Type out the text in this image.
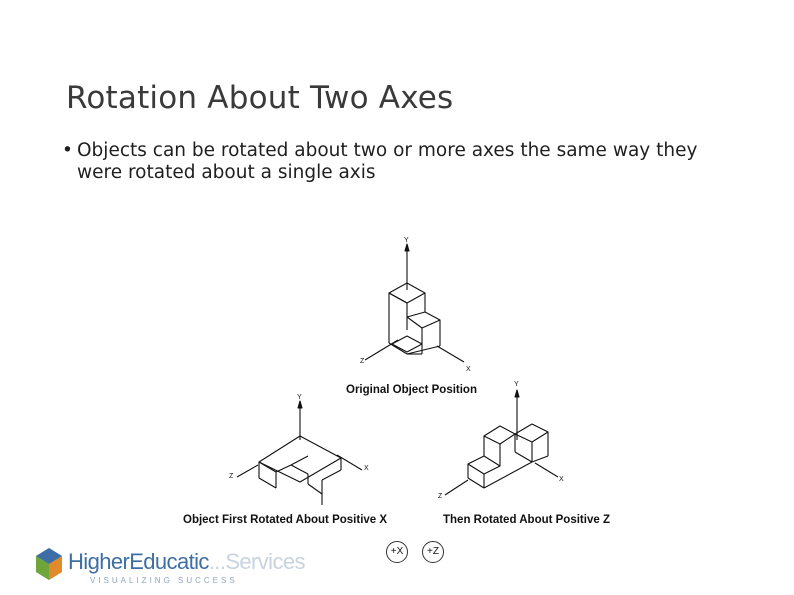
Rotation About Two Axes
• Objects can be rotated about two or more axes the same way they were rotated about a single axis
Y
Z
X
Y
Z
X
Y
Z
X
Original Object Position
Object First Rotated About Positive X	Then Rotated About Positive Z
+X	+Z
HigherEducatic...Services
VISUALIZING SUCCESS
